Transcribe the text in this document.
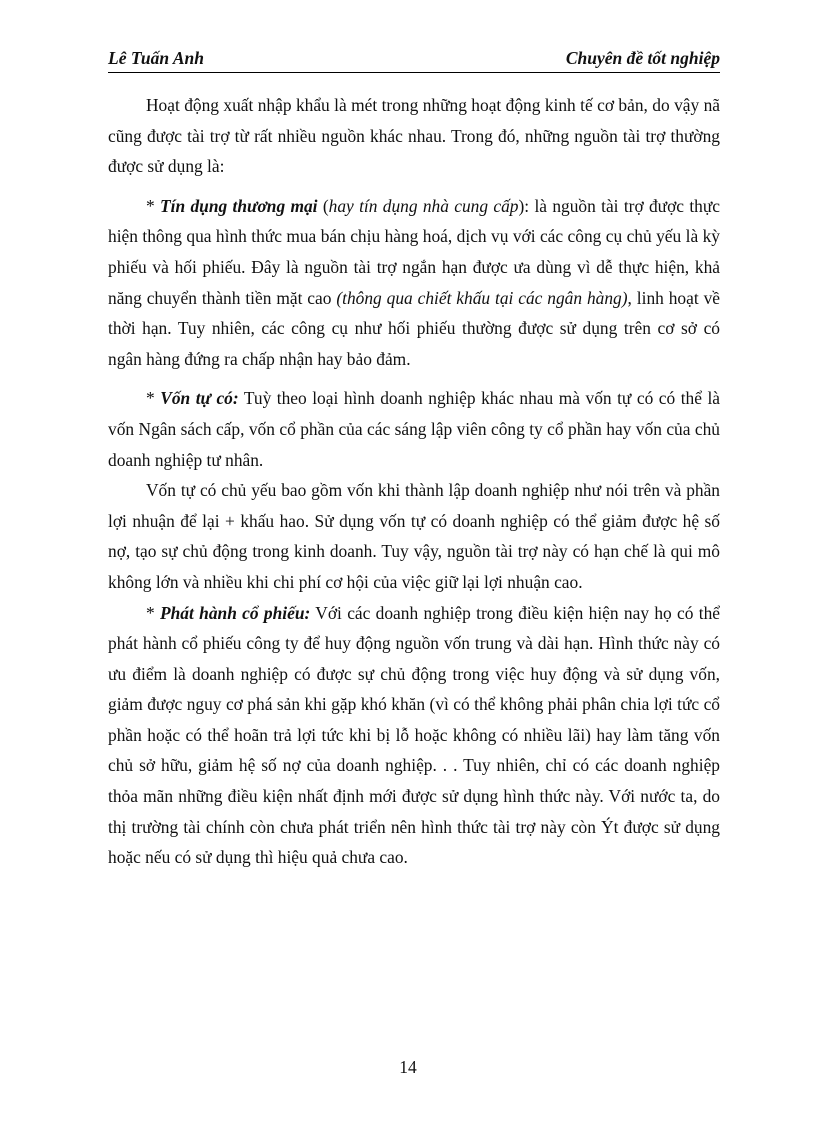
Lê Tuấn Anh	Chuyên đề tốt nghiệp

Hoạt động xuất nhập khẩu là mét trong những hoạt động kinh tế cơ bản, do vậy nã cũng được tài trợ từ rất nhiều nguồn khác nhau. Trong đó, những nguồn tài trợ thường được sử dụng là:

* Tín dụng thương mại (hay tín dụng nhà cung cấp): là nguồn tài trợ được thực hiện thông qua hình thức mua bán chịu hàng hoá, dịch vụ với các công cụ chủ yếu là kỳ phiếu và hối phiếu. Đây là nguồn tài trợ ngắn hạn được ưa dùng vì dễ thực hiện, khả năng chuyển thành tiền mặt cao (thông qua chiết khấu tại các ngân hàng), linh hoạt về thời hạn. Tuy nhiên, các công cụ như hối phiếu thường được sử dụng trên cơ sở có ngân hàng đứng ra chấp nhận hay bảo đảm.

* Vốn tự có: Tuỳ theo loại hình doanh nghiệp khác nhau mà vốn tự có có thể là vốn Ngân sách cấp, vốn cổ phần của các sáng lập viên công ty cổ phần hay vốn của chủ doanh nghiệp tư nhân.

Vốn tự có chủ yếu bao gồm vốn khi thành lập doanh nghiệp như nói trên và phần lợi nhuận để lại + khấu hao. Sử dụng vốn tự có doanh nghiệp có thể giảm được hệ số nợ, tạo sự chủ động trong kinh doanh. Tuy vậy, nguồn tài trợ này có hạn chế là qui mô không lớn và nhiều khi chi phí cơ hội của việc giữ lại lợi nhuận cao.

* Phát hành cổ phiếu: Với các doanh nghiệp trong điều kiện hiện nay họ có thể phát hành cổ phiếu công ty để huy động nguồn vốn trung và dài hạn. Hình thức này có ưu điểm là doanh nghiệp có được sự chủ động trong việc huy động và sử dụng vốn, giảm được nguy cơ phá sản khi gặp khó khăn (vì có thể không phải phân chia lợi tức cổ phần hoặc có thể hoãn trả lợi tức khi bị lỗ hoặc không có nhiều lãi) hay làm tăng vốn chủ sở hữu, giảm hệ số nợ của doanh nghiệp. . . Tuy nhiên, chỉ có các doanh nghiệp thỏa mãn những điều kiện nhất định mới được sử dụng hình thức này. Với nước ta, do thị trường tài chính còn chưa phát triển nên hình thức tài trợ này còn Ýt được sử dụng hoặc nếu có sử dụng thì hiệu quả chưa cao.

14
